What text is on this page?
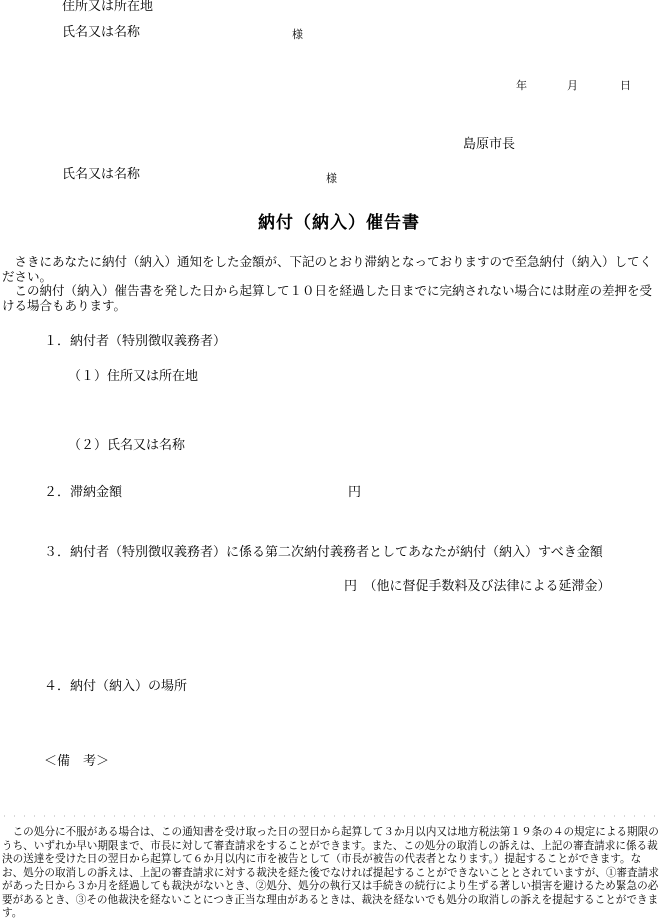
住所又は所在地
氏名又は名称	様
年	月	日
島原市長
氏名又は名称	様
納付（納入）催告書
　さきにあなたに納付（納入）通知をした金額が、下記のとおり滞納となっておりますので至急納付（納入）してください。
　この納付（納入）催告書を発した日から起算して１０日を経過した日までに完納されない場合には財産の差押を受ける場合もあります。
１．納付者（特別徴収義務者）
（１）住所又は所在地
（２）氏名又は名称
２．滞納金額	円
３．納付者（特別徴収義務者）に係る第二次納付義務者としてあなたが納付（納入）すべき金額
円　（他に督促手数料及び法律による延滞金）
４．納付（納入）の場所
＜備　考＞
　この処分に不服がある場合は、この通知書を受け取った日の翌日から起算して３か月以内又は地方税法第１９条の４の規定による期限のうち、いずれか早い期限まで、市長に対して審査請求をすることができます。また、この処分の取消しの訴えは、上記の審査請求に係る裁決の送達を受けた日の翌日から起算して６か月以内に市を被告として（市長が被告の代表者となります。）提起することができます。なお、処分の取消しの訴えは、上記の審査請求に対する裁決を経た後でなければ提起することができないこととされていますが、①審査請求があった日から３か月を経過しても裁決がないとき、②処分、処分の執行又は手続きの続行により生ずる著しい損害を避けるため緊急の必要があるとき、③その他裁決を経ないことにつき正当な理由があるときは、裁決を経ないでも処分の取消しの訴えを提起することができます。
